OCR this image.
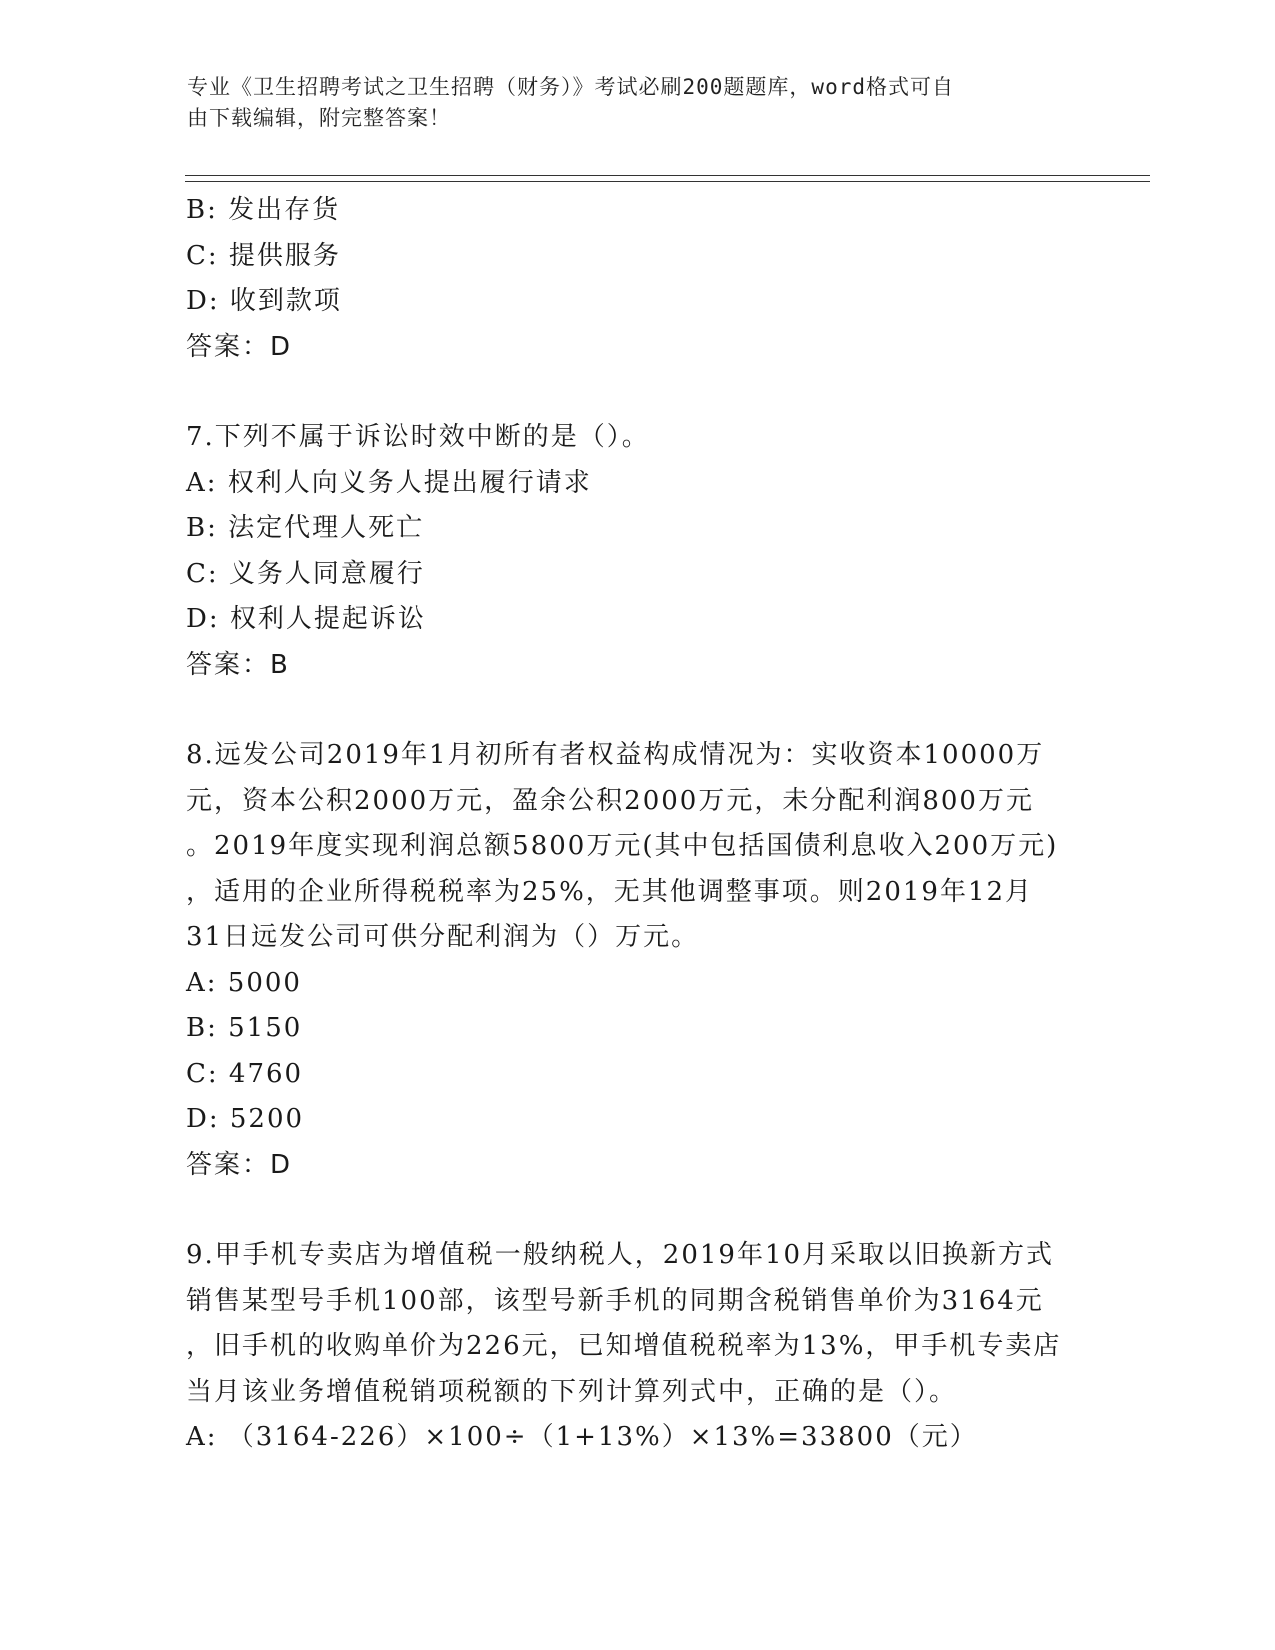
专业《卫生招聘考试之卫生招聘（财务）》考试必刷200题题库，word格式可自
由下载编辑，附完整答案！
B: 发出存货
C: 提供服务
D: 收到款项
答案：D
7.下列不属于诉讼时效中断的是（）。
A: 权利人向义务人提出履行请求
B: 法定代理人死亡
C: 义务人同意履行
D: 权利人提起诉讼
答案：B
8.远发公司2019年1月初所有者权益构成情况为：实收资本10000万
元，资本公积2000万元，盈余公积2000万元，未分配利润800万元
。2019年度实现利润总额5800万元(其中包括国债利息收入200万元)
，适用的企业所得税税率为25%，无其他调整事项。则2019年12月
31日远发公司可供分配利润为（）万元。
A: 5000
B: 5150
C: 4760
D: 5200
答案：D
9.甲手机专卖店为增值税一般纳税人，2019年10月采取以旧换新方式
销售某型号手机100部，该型号新手机的同期含税销售单价为3164元
，旧手机的收购单价为226元，已知增值税税率为13%，甲手机专卖店
当月该业务增值税销项税额的下列计算列式中，正确的是（）。
A: （3164-226）×100÷（1+13%）×13%=33800（元）
